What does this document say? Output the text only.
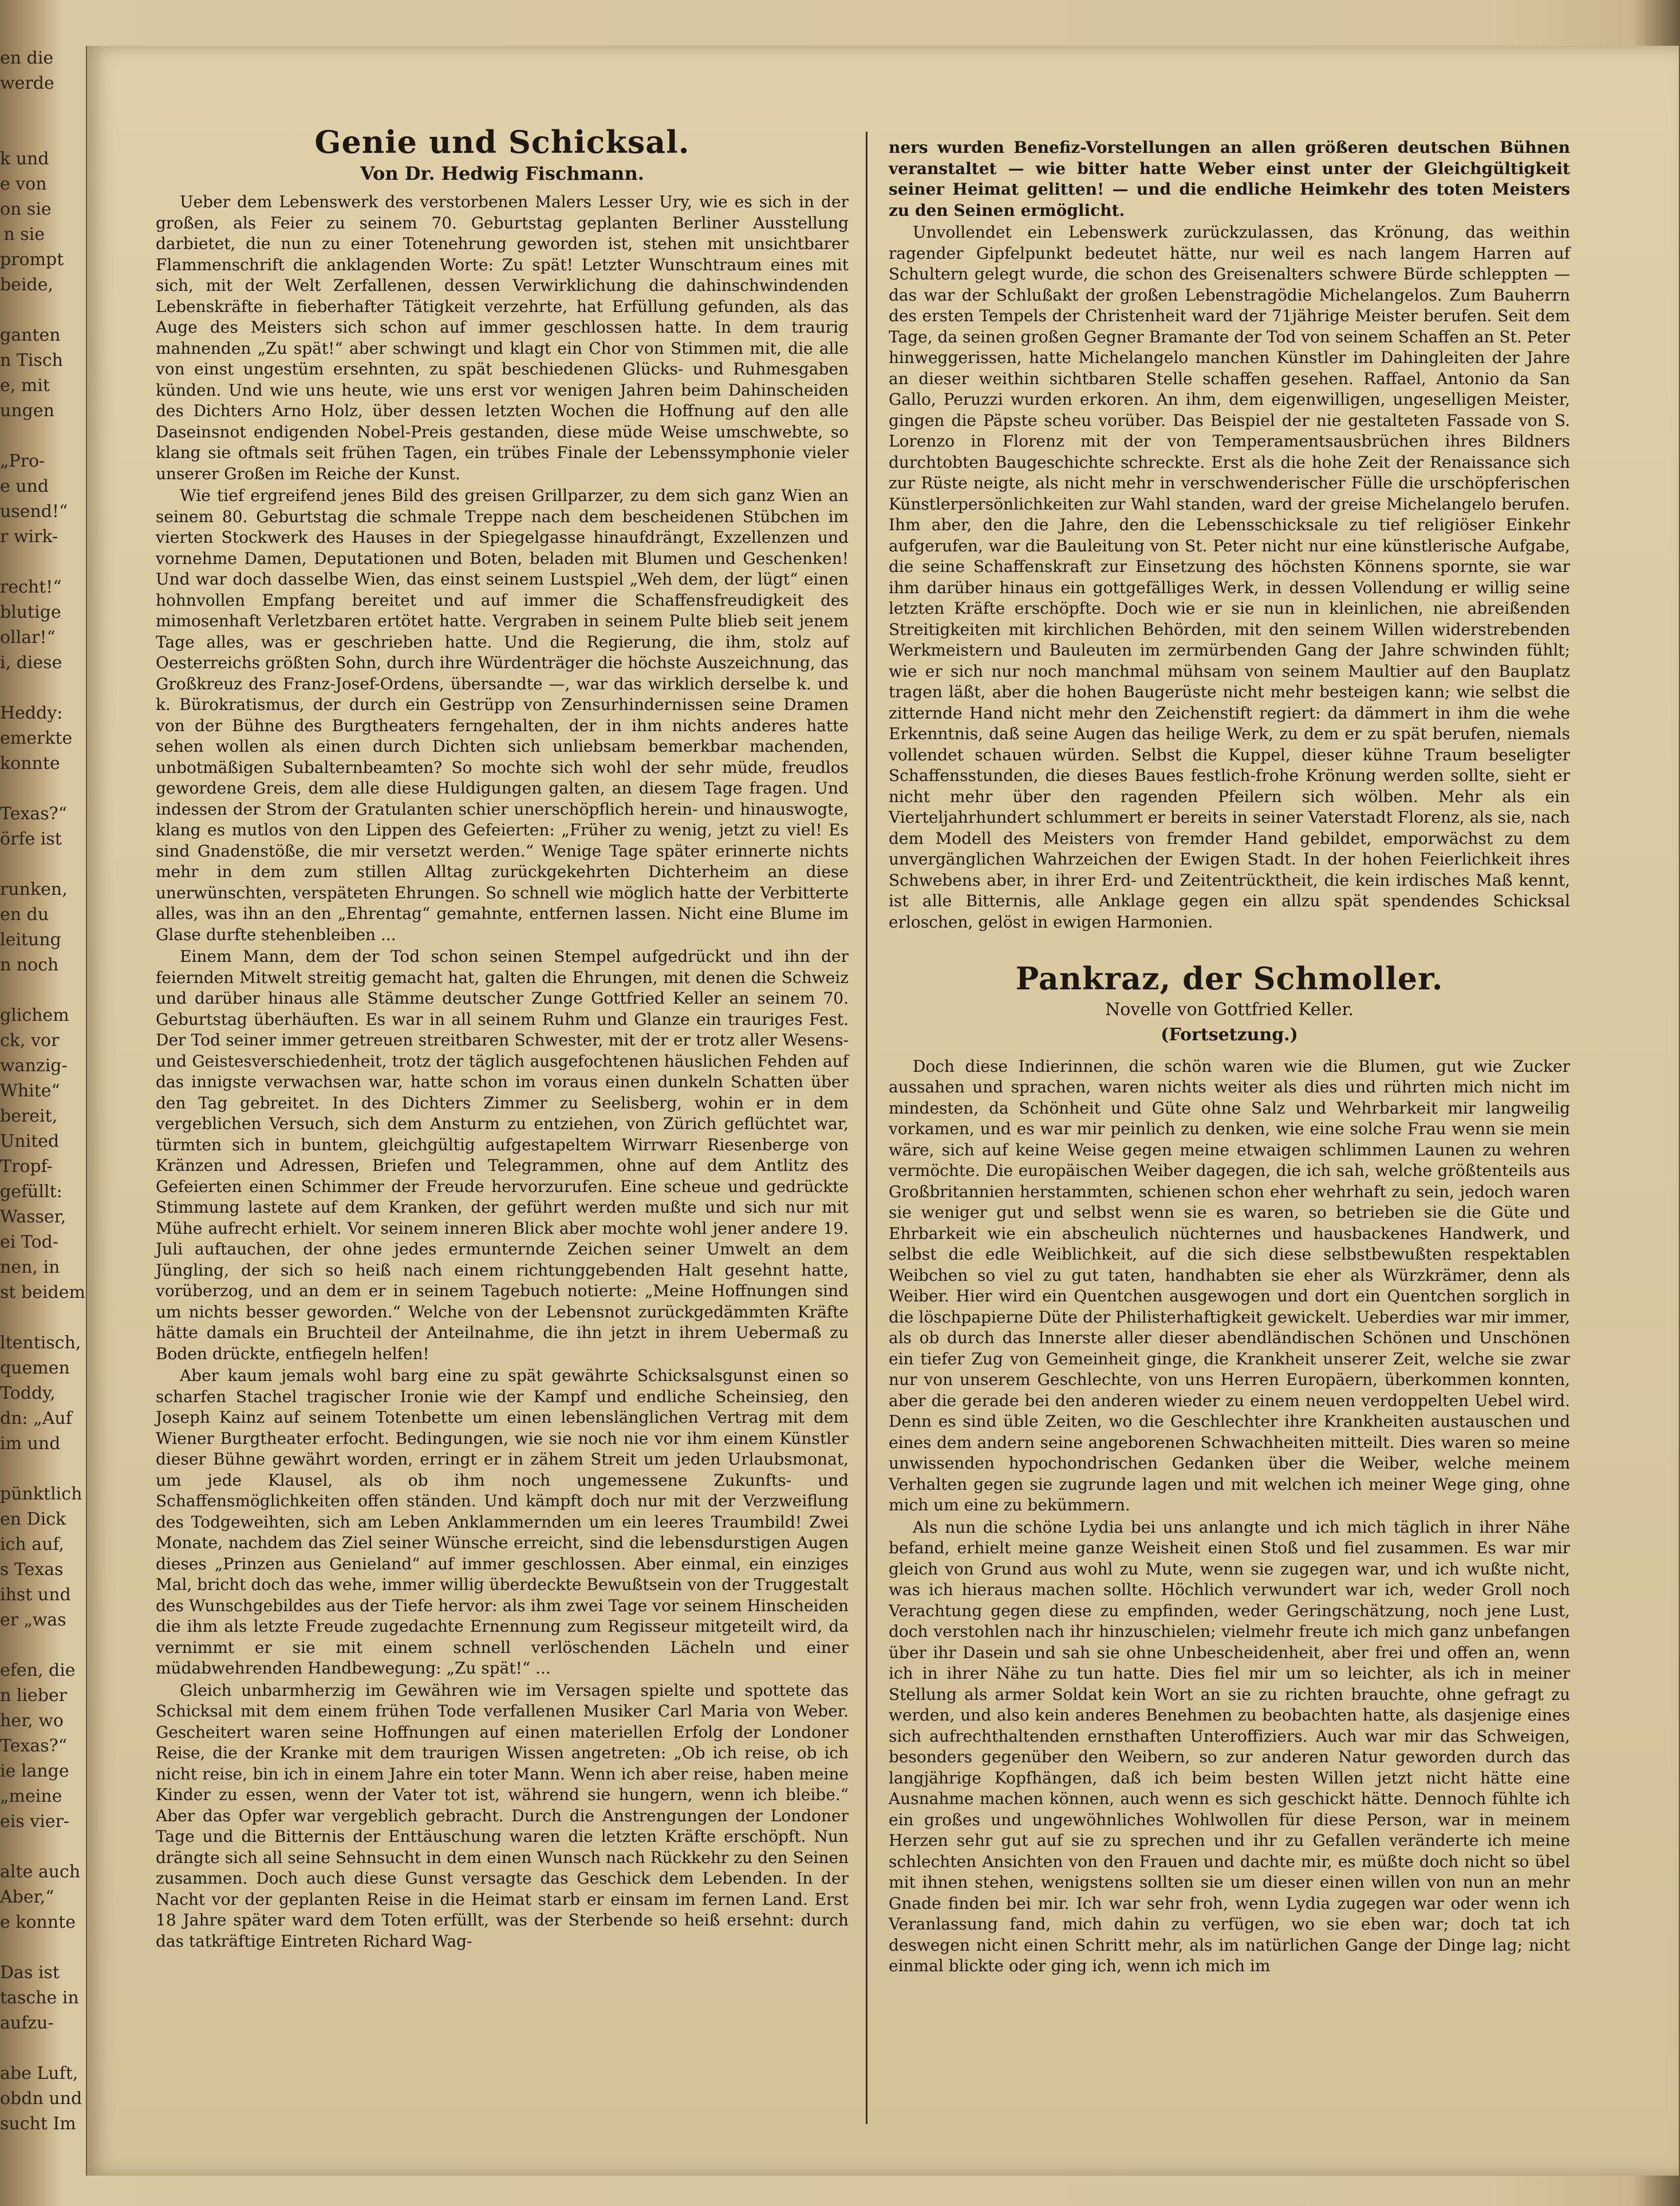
en die
werde

k und
e von
on sie
n sie
prompt
beide,

ganten
n Tisch
e, mit
ungen

„Pro-
e und
usend!“
r wirk-

recht!“
blutige
ollar!“
i, diese

Heddy:
emerkte
konnte

Texas?“
örfe ist

runken,
en du
leitung
n noch

glichem
ck, vor
wanzig-
White“
bereit,
United
Tropf-
gefüllt:
Wasser,
ei Tod-
nen, in
st beidem

ltentisch,
quemen
Toddy,
dn: „Auf
im und

pünktlich
en Dick
ich auf,
s Texas
ihst und
er „was

efen, die
n lieber
her, wo
Texas?“
ie lange
„meine
eis vier-

alte auch
Aber,“
e konnte

Das ist
tasche in
aufzu-

abe Luft,
obdn und
sucht Im
Genie und Schicksal.
Von Dr. Hedwig Fischmann.

Ueber dem Lebenswerk des verstorbenen Malers Lesser Ury, wie es sich in der großen, als Feier zu seinem 70. Geburtstag geplanten Berliner Ausstellung darbietet, die nun zu einer Totenehrung geworden ist, stehen mit unsichtbarer Flammenschrift die anklagenden Worte: Zu spät! Letzter Wunschtraum eines mit sich, mit der Welt Zerfallenen, dessen Verwirklichung die dahinschwindenden Lebenskräfte in fieberhafter Tätigkeit verzehrte, hat Erfüllung gefunden, als das Auge des Meisters sich schon auf immer geschlossen hatte. In dem traurig mahnenden „Zu spät!“ aber schwingt und klagt ein Chor von Stimmen mit, die alle von einst ungestüm ersehnten, zu spät beschiedenen Glücks- und Ruhmesgaben künden. Und wie uns heute, wie uns erst vor wenigen Jahren beim Dahinscheiden des Dichters Arno Holz, über dessen letzten Wochen die Hoffnung auf den alle Daseinsnot endigenden Nobel-Preis gestanden, diese müde Weise umschwebte, so klang sie oftmals seit frühen Tagen, ein trübes Finale der Lebenssymphonie vieler unserer Großen im Reiche der Kunst.

Wie tief ergreifend jenes Bild des greisen Grillparzer, zu dem sich ganz Wien an seinem 80. Geburtstag die schmale Treppe nach dem bescheidenen Stübchen im vierten Stockwerk des Hauses in der Spiegelgasse hinaufdrängt, Exzellenzen und vornehme Damen, Deputationen und Boten, beladen mit Blumen und Geschenken! Und war doch dasselbe Wien, das einst seinem Lustspiel „Weh dem, der lügt“ einen hohnvollen Empfang bereitet und auf immer die Schaffensfreudigkeit des mimosenhaft Verletzbaren ertötet hatte. Vergraben in seinem Pulte blieb seit jenem Tage alles, was er geschrieben hatte. Und die Regierung, die ihm, stolz auf Oesterreichs größten Sohn, durch ihre Würdenträger die höchste Auszeichnung, das Großkreuz des Franz-Josef-Ordens, übersandte —, war das wirklich derselbe k. und k. Bürokratismus, der durch ein Gestrüpp von Zensurhindernissen seine Dramen von der Bühne des Burgtheaters ferngehalten, der in ihm nichts anderes hatte sehen wollen als einen durch Dichten sich unliebsam bemerkbar machenden, unbotmäßigen Subalternbeamten? So mochte sich wohl der sehr müde, freudlos gewordene Greis, dem alle diese Huldigungen galten, an diesem Tage fragen. Und indessen der Strom der Gratulanten schier unerschöpflich herein- und hinauswogte, klang es mutlos von den Lippen des Gefeierten: „Früher zu wenig, jetzt zu viel! Es sind Gnadenstöße, die mir versetzt werden.“ Wenige Tage später erinnerte nichts mehr in dem zum stillen Alltag zurückgekehrten Dichterheim an diese unerwünschten, verspäteten Ehrungen. So schnell wie möglich hatte der Verbitterte alles, was ihn an den „Ehrentag“ gemahnte, entfernen lassen. Nicht eine Blume im Glase durfte stehenbleiben ...

Einem Mann, dem der Tod schon seinen Stempel aufgedrückt und ihn der feiernden Mitwelt streitig gemacht hat, galten die Ehrungen, mit denen die Schweiz und darüber hinaus alle Stämme deutscher Zunge Gottfried Keller an seinem 70. Geburtstag überhäuften. Es war in all seinem Ruhm und Glanze ein trauriges Fest. Der Tod seiner immer getreuen streitbaren Schwester, mit der er trotz aller Wesens- und Geistesverschiedenheit, trotz der täglich ausgefochtenen häuslichen Fehden auf das innigste verwachsen war, hatte schon im voraus einen dunkeln Schatten über den Tag gebreitet. In des Dichters Zimmer zu Seelisberg, wohin er in dem vergeblichen Versuch, sich dem Ansturm zu entziehen, von Zürich geflüchtet war, türmten sich in buntem, gleichgültig aufgestapeltem Wirrwarr Riesenberge von Kränzen und Adressen, Briefen und Telegrammen, ohne auf dem Antlitz des Gefeierten einen Schimmer der Freude hervorzurufen. Eine scheue und gedrückte Stimmung lastete auf dem Kranken, der geführt werden mußte und sich nur mit Mühe aufrecht erhielt. Vor seinem inneren Blick aber mochte wohl jener andere 19. Juli auftauchen, der ohne jedes ermunternde Zeichen seiner Umwelt an dem Jüngling, der sich so heiß nach einem richtunggebenden Halt gesehnt hatte, vorüberzog, und an dem er in seinem Tagebuch notierte: „Meine Hoffnungen sind um nichts besser geworden.“ Welche von der Lebensnot zurückgedämmten Kräfte hätte damals ein Bruchteil der Anteilnahme, die ihn jetzt in ihrem Uebermaß zu Boden drückte, entfiegeln helfen!

Aber kaum jemals wohl barg eine zu spät gewährte Schicksalsgunst einen so scharfen Stachel tragischer Ironie wie der Kampf und endliche Scheinsieg, den Joseph Kainz auf seinem Totenbette um einen lebenslänglichen Vertrag mit dem Wiener Burgtheater erfocht. Bedingungen, wie sie noch nie vor ihm einem Künstler dieser Bühne gewährt worden, erringt er in zähem Streit um jeden Urlaubsmonat, um jede Klausel, als ob ihm noch ungemessene Zukunfts- und Schaffensmöglichkeiten offen ständen. Und kämpft doch nur mit der Verzweiflung des Todgeweihten, sich am Leben Anklammernden um ein leeres Traumbild! Zwei Monate, nachdem das Ziel seiner Wünsche erreicht, sind die lebensdurstigen Augen dieses „Prinzen aus Genieland“ auf immer geschlossen. Aber einmal, ein einziges Mal, bricht doch das wehe, immer willig überdeckte Bewußtsein von der Truggestalt des Wunschgebildes aus der Tiefe hervor: als ihm zwei Tage vor seinem Hinscheiden die ihm als letzte Freude zugedachte Ernennung zum Regisseur mitgeteilt wird, da vernimmt er sie mit einem schnell verlöschenden Lächeln und einer müdabwehrenden Handbewegung: „Zu spät!“ ...

Gleich unbarmherzig im Gewähren wie im Versagen spielte und spottete das Schicksal mit dem einem frühen Tode verfallenen Musiker Carl Maria von Weber. Gescheitert waren seine Hoffnungen auf einen materiellen Erfolg der Londoner Reise, die der Kranke mit dem traurigen Wissen angetreten: „Ob ich reise, ob ich nicht reise, bin ich in einem Jahre ein toter Mann. Wenn ich aber reise, haben meine Kinder zu essen, wenn der Vater tot ist, während sie hungern, wenn ich bleibe.“ Aber das Opfer war vergeblich gebracht. Durch die Anstrengungen der Londoner Tage und die Bitternis der Enttäuschung waren die letzten Kräfte erschöpft. Nun drängte sich all seine Sehnsucht in dem einen Wunsch nach Rückkehr zu den Seinen zusammen. Doch auch diese Gunst versagte das Geschick dem Lebenden. In der Nacht vor der geplanten Reise in die Heimat starb er einsam im fernen Land. Erst 18 Jahre später ward dem Toten erfüllt, was der Sterbende so heiß ersehnt: durch das tatkräftige Eintreten Richard Wag-

ners wurden Benefiz-Vorstellungen an allen größeren deutschen Bühnen veranstaltet — wie bitter hatte Weber einst unter der Gleichgültigkeit seiner Heimat gelitten! — und die endliche Heimkehr des toten Meisters zu den Seinen ermöglicht.

Unvollendet ein Lebenswerk zurückzulassen, das Krönung, das weithin ragender Gipfelpunkt bedeutet hätte, nur weil es nach langem Harren auf Schultern gelegt wurde, die schon des Greisenalters schwere Bürde schleppten — das war der Schlußakt der großen Lebenstragödie Michelangelos. Zum Bauherrn des ersten Tempels der Christenheit ward der 71jährige Meister berufen. Seit dem Tage, da seinen großen Gegner Bramante der Tod von seinem Schaffen an St. Peter hinweggerissen, hatte Michelangelo manchen Künstler im Dahingleiten der Jahre an dieser weithin sichtbaren Stelle schaffen gesehen. Raffael, Antonio da San Gallo, Peruzzi wurden erkoren. An ihm, dem eigenwilligen, ungeselligen Meister, gingen die Päpste scheu vorüber. Das Beispiel der nie gestalteten Fassade von S. Lorenzo in Florenz mit der von Temperamentsausbrüchen ihres Bildners durchtobten Baugeschichte schreckte. Erst als die hohe Zeit der Renaissance sich zur Rüste neigte, als nicht mehr in verschwenderischer Fülle die urschöpferischen Künstlerpersönlichkeiten zur Wahl standen, ward der greise Michelangelo berufen. Ihm aber, den die Jahre, den die Lebensschicksale zu tief religiöser Einkehr aufgerufen, war die Bauleitung von St. Peter nicht nur eine künstlerische Aufgabe, die seine Schaffenskraft zur Einsetzung des höchsten Könnens spornte, sie war ihm darüber hinaus ein gottgefälliges Werk, in dessen Vollendung er willig seine letzten Kräfte erschöpfte. Doch wie er sie nun in kleinlichen, nie abreißenden Streitigkeiten mit kirchlichen Behörden, mit den seinem Willen widerstrebenden Werkmeistern und Bauleuten im zermürbenden Gang der Jahre schwinden fühlt; wie er sich nur noch manchmal mühsam von seinem Maultier auf den Bauplatz tragen läßt, aber die hohen Baugerüste nicht mehr besteigen kann; wie selbst die zitternde Hand nicht mehr den Zeichenstift regiert: da dämmert in ihm die wehe Erkenntnis, daß seine Augen das heilige Werk, zu dem er zu spät berufen, niemals vollendet schauen würden. Selbst die Kuppel, dieser kühne Traum beseligter Schaffensstunden, die dieses Baues festlich-frohe Krönung werden sollte, sieht er nicht mehr über den ragenden Pfeilern sich wölben. Mehr als ein Vierteljahrhundert schlummert er bereits in seiner Vaterstadt Florenz, als sie, nach dem Modell des Meisters von fremder Hand gebildet, emporwächst zu dem unvergänglichen Wahrzeichen der Ewigen Stadt. In der hohen Feierlichkeit ihres Schwebens aber, in ihrer Erd- und Zeitentrücktheit, die kein irdisches Maß kennt, ist alle Bitternis, alle Anklage gegen ein allzu spät spendendes Schicksal erloschen, gelöst in ewigen Harmonien.

Pankraz, der Schmoller.
Novelle von Gottfried Keller.
(Fortsetzung.)

Doch diese Indierinnen, die schön waren wie die Blumen, gut wie Zucker aussahen und sprachen, waren nichts weiter als dies und rührten mich nicht im mindesten, da Schönheit und Güte ohne Salz und Wehrbarkeit mir langweilig vorkamen, und es war mir peinlich zu denken, wie eine solche Frau wenn sie mein wäre, sich auf keine Weise gegen meine etwaigen schlimmen Launen zu wehren vermöchte. Die europäischen Weiber dagegen, die ich sah, welche größtenteils aus Großbritannien herstammten, schienen schon eher wehrhaft zu sein, jedoch waren sie weniger gut und selbst wenn sie es waren, so betrieben sie die Güte und Ehrbarkeit wie ein abscheulich nüchternes und hausbackenes Handwerk, und selbst die edle Weiblichkeit, auf die sich diese selbstbewußten respektablen Weibchen so viel zu gut taten, handhabten sie eher als Würzkrämer, denn als Weiber. Hier wird ein Quentchen ausgewogen und dort ein Quentchen sorglich in die löschpapierne Düte der Philisterhaftigkeit gewickelt. Ueberdies war mir immer, als ob durch das Innerste aller dieser abendländischen Schönen und Unschönen ein tiefer Zug von Gemeinheit ginge, die Krankheit unserer Zeit, welche sie zwar nur von unserem Geschlechte, von uns Herren Europäern, überkommen konnten, aber die gerade bei den anderen wieder zu einem neuen verdoppelten Uebel wird. Denn es sind üble Zeiten, wo die Geschlechter ihre Krankheiten austauschen und eines dem andern seine angeborenen Schwachheiten mitteilt. Dies waren so meine unwissenden hypochondrischen Gedanken über die Weiber, welche meinem Verhalten gegen sie zugrunde lagen und mit welchen ich meiner Wege ging, ohne mich um eine zu bekümmern.

Als nun die schöne Lydia bei uns anlangte und ich mich täglich in ihrer Nähe befand, erhielt meine ganze Weisheit einen Stoß und fiel zusammen. Es war mir gleich von Grund aus wohl zu Mute, wenn sie zugegen war, und ich wußte nicht, was ich hieraus machen sollte. Höchlich verwundert war ich, weder Groll noch Verachtung gegen diese zu empfinden, weder Geringschätzung, noch jene Lust, doch verstohlen nach ihr hinzuschielen; vielmehr freute ich mich ganz unbefangen über ihr Dasein und sah sie ohne Unbescheidenheit, aber frei und offen an, wenn ich in ihrer Nähe zu tun hatte. Dies fiel mir um so leichter, als ich in meiner Stellung als armer Soldat kein Wort an sie zu richten brauchte, ohne gefragt zu werden, und also kein anderes Benehmen zu beobachten hatte, als dasjenige eines sich aufrechthaltenden ernsthaften Unteroffiziers. Auch war mir das Schweigen, besonders gegenüber den Weibern, so zur anderen Natur geworden durch das langjährige Kopfhängen, daß ich beim besten Willen jetzt nicht hätte eine Ausnahme machen können, auch wenn es sich geschickt hätte. Dennoch fühlte ich ein großes und ungewöhnliches Wohlwollen für diese Person, war in meinem Herzen sehr gut auf sie zu sprechen und ihr zu Gefallen veränderte ich meine schlechten Ansichten von den Frauen und dachte mir, es müßte doch nicht so übel mit ihnen stehen, wenigstens sollten sie um dieser einen willen von nun an mehr Gnade finden bei mir. Ich war sehr froh, wenn Lydia zugegen war oder wenn ich Veranlassung fand, mich dahin zu verfügen, wo sie eben war; doch tat ich deswegen nicht einen Schritt mehr, als im natürlichen Gange der Dinge lag; nicht einmal blickte oder ging ich, wenn ich mich im
